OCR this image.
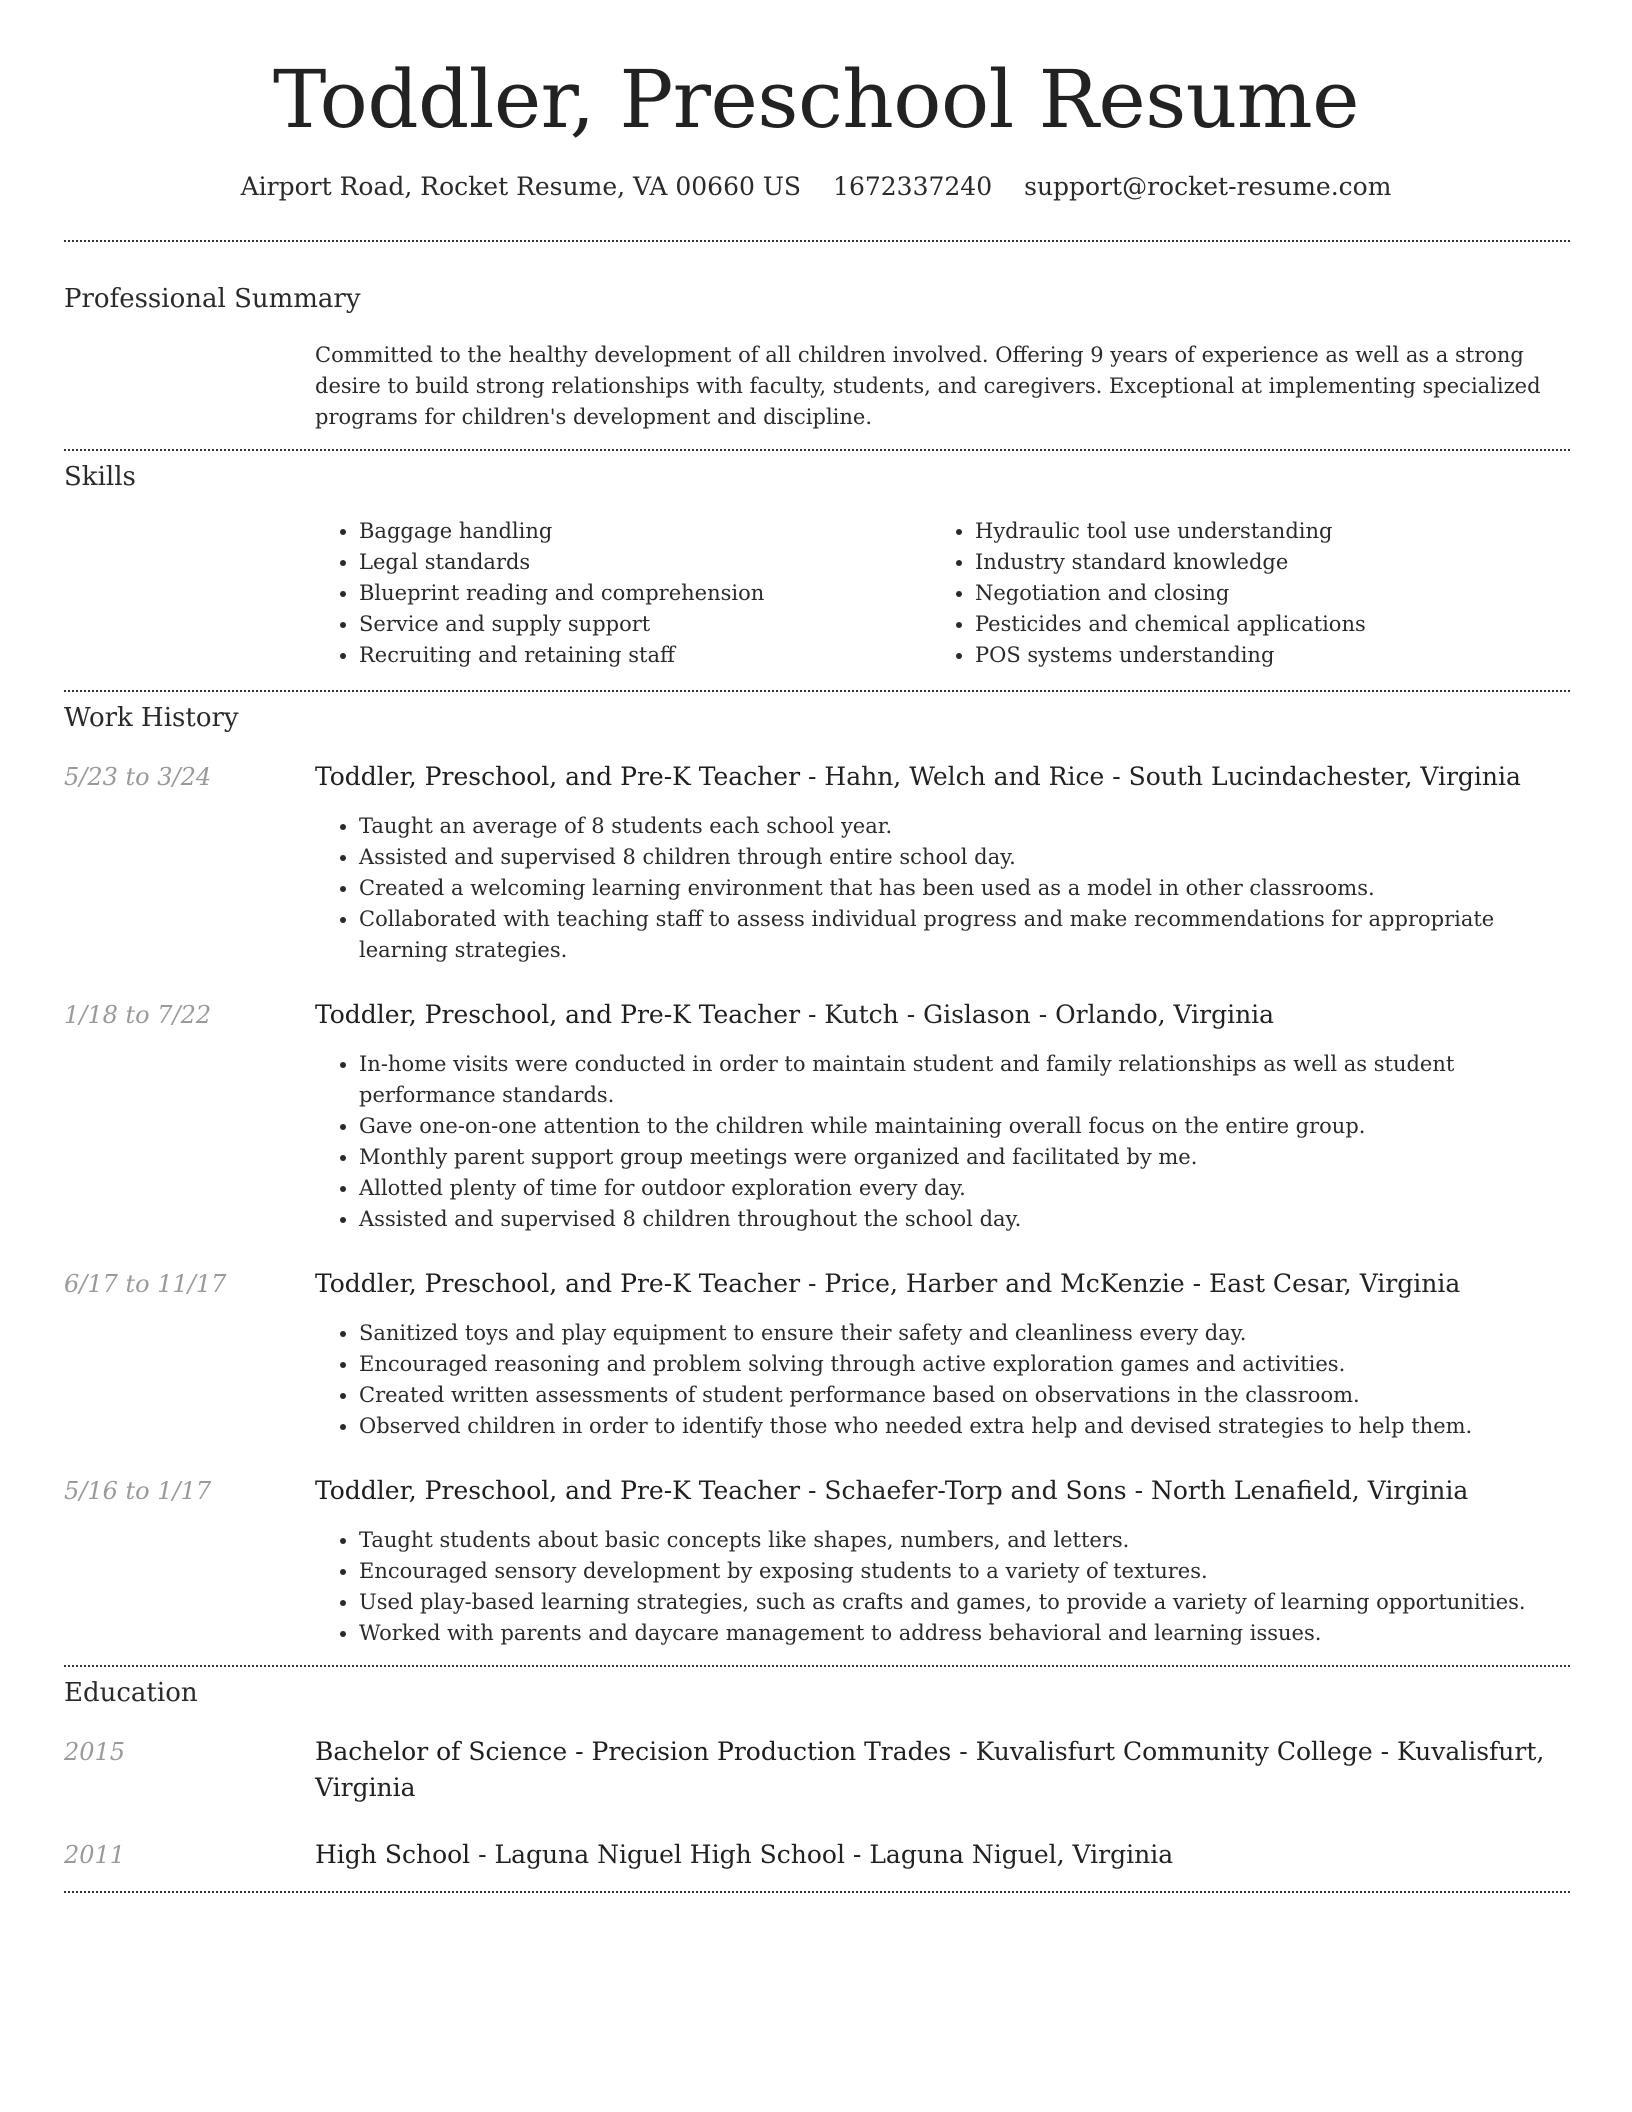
Toddler, Preschool Resume
Airport Road, Rocket Resume, VA 00660 US 1672337240 support@rocket-resume.com
Professional Summary
Committed to the healthy development of all children involved. Offering 9 years of experience as well as a strong desire to build strong relationships with faculty, students, and caregivers. Exceptional at implementing specialized programs for children's development and discipline.
Skills
• Baggage handling
• Legal standards
• Blueprint reading and comprehension
• Service and supply support
• Recruiting and retaining staff
• Hydraulic tool use understanding
• Industry standard knowledge
• Negotiation and closing
• Pesticides and chemical applications
• POS systems understanding
Work History
5/23 to 3/24	Toddler, Preschool, and Pre-K Teacher - Hahn, Welch and Rice - South Lucindachester, Virginia
• Taught an average of 8 students each school year.
• Assisted and supervised 8 children through entire school day.
• Created a welcoming learning environment that has been used as a model in other classrooms.
• Collaborated with teaching staff to assess individual progress and make recommendations for appropriate learning strategies.
1/18 to 7/22	Toddler, Preschool, and Pre-K Teacher - Kutch - Gislason - Orlando, Virginia
• In-home visits were conducted in order to maintain student and family relationships as well as student performance standards.
• Gave one-on-one attention to the children while maintaining overall focus on the entire group.
• Monthly parent support group meetings were organized and facilitated by me.
• Allotted plenty of time for outdoor exploration every day.
• Assisted and supervised 8 children throughout the school day.
6/17 to 11/17	Toddler, Preschool, and Pre-K Teacher - Price, Harber and McKenzie - East Cesar, Virginia
• Sanitized toys and play equipment to ensure their safety and cleanliness every day.
• Encouraged reasoning and problem solving through active exploration games and activities.
• Created written assessments of student performance based on observations in the classroom.
• Observed children in order to identify those who needed extra help and devised strategies to help them.
5/16 to 1/17	Toddler, Preschool, and Pre-K Teacher - Schaefer-Torp and Sons - North Lenafield, Virginia
• Taught students about basic concepts like shapes, numbers, and letters.
• Encouraged sensory development by exposing students to a variety of textures.
• Used play-based learning strategies, such as crafts and games, to provide a variety of learning opportunities.
• Worked with parents and daycare management to address behavioral and learning issues.
Education
2015	Bachelor of Science - Precision Production Trades - Kuvalisfurt Community College - Kuvalisfurt, Virginia
2011	High School - Laguna Niguel High School - Laguna Niguel, Virginia
